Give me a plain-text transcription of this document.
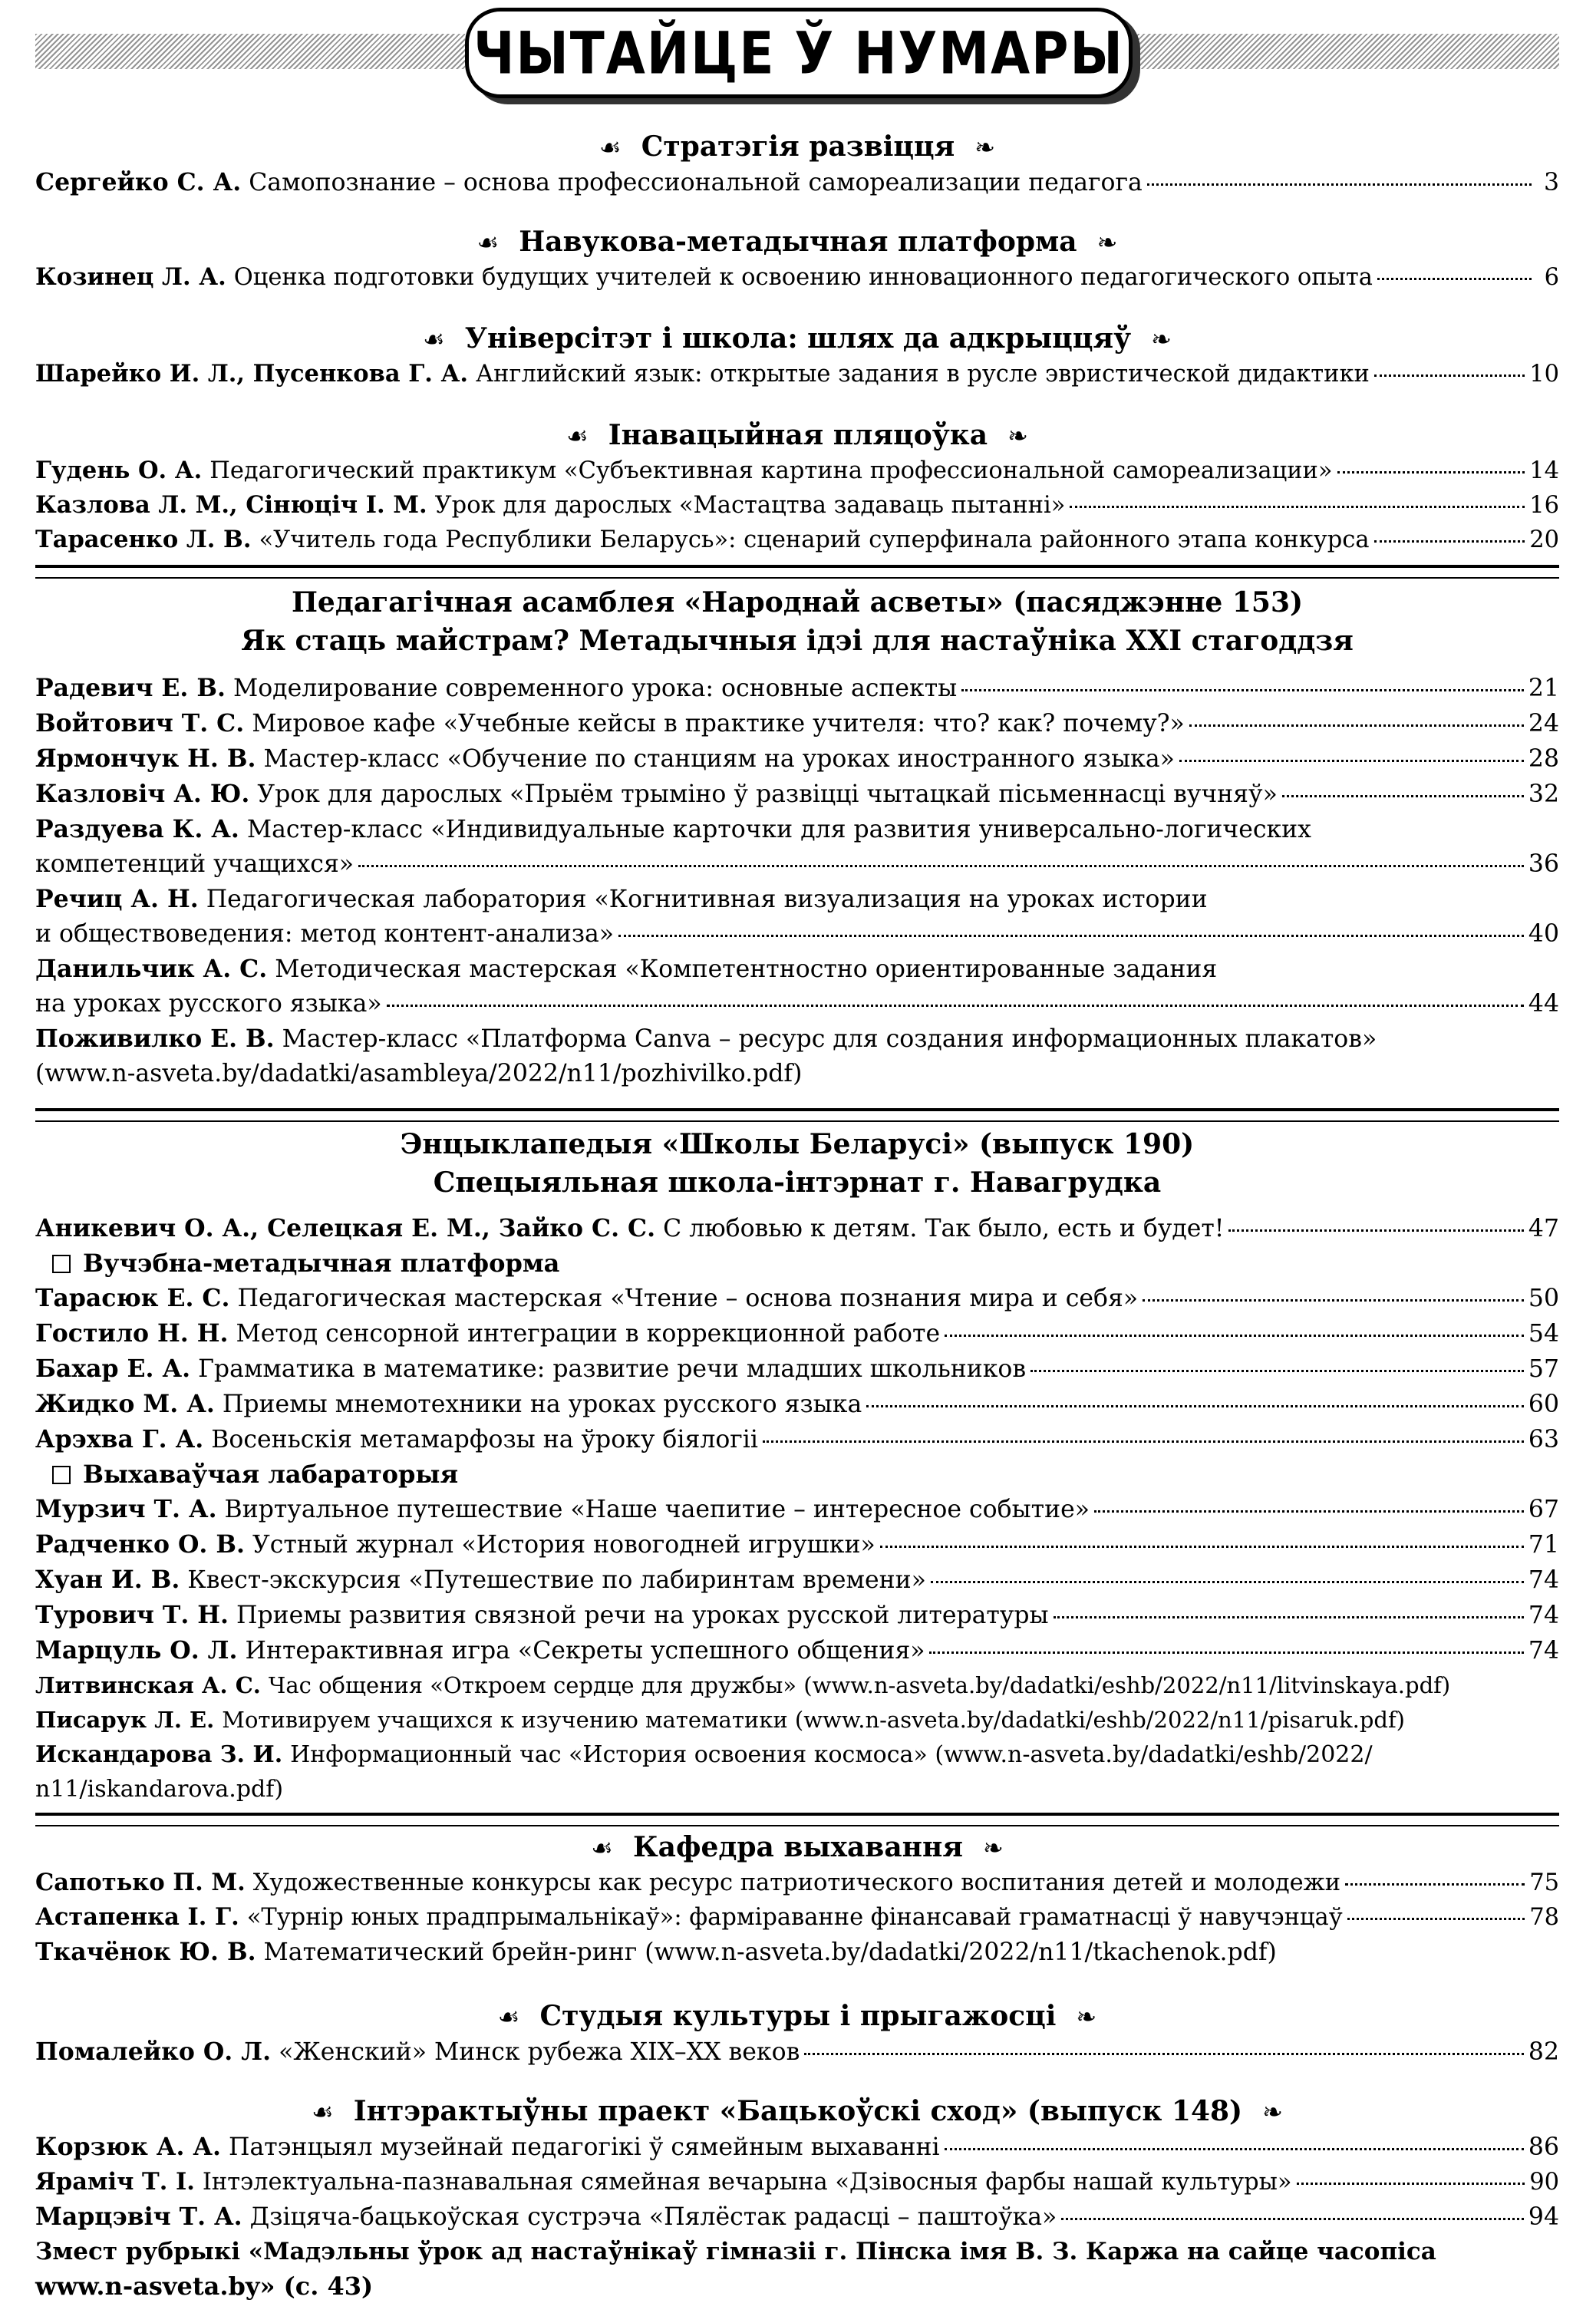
ЧЫТАЙЦЕ Ў НУМАРЫ
☙ Стратэгія развіцця ❧
Сергейко С. А. Самопознание – основа профессиональной самореализации педагога	3
☙ Навукова-метадычная платформа ❧
Козинец Л. А. Оценка подготовки будущих учителей к освоению инновационного педагогического опыта	6
☙ Універсітэт і школа: шлях да адкрыццяў ❧
Шарейко И. Л., Пусенкова Г. А. Английский язык: открытые задания в русле эвристической дидактики	10
☙ Інавацыйная пляцоўка ❧
Гудень О. А. Педагогический практикум «Субъективная картина профессиональной самореализации»	14
Казлова Л. М., Сінюціч І. М. Урок для дарослых «Мастацтва задаваць пытанні»	16
Тарасенко Л. В. «Учитель года Республики Беларусь»: сценарий суперфинала районного этапа конкурса	20
Педагагічная асамблея «Народнай асветы» (пасяджэнне 153)
Як стаць майстрам? Метадычныя ідэі для настаўніка ХХІ стагоддзя
Радевич Е. В. Моделирование современного урока: основные аспекты	21
Войтович Т. С. Мировое кафе «Учебные кейсы в практике учителя: что? как? почему?»	24
Ярмончук Н. В. Мастер-класс «Обучение по станциям на уроках иностранного языка»	28
Казловіч А. Ю. Урок для дарослых «Прыём трыміно ў развіцці чытацкай пісьменнасці вучняў»	32
Раздуева К. А. Мастер-класс «Индивидуальные карточки для развития универсально-логических
компетенций учащихся»	36
Речиц А. Н. Педагогическая лаборатория «Когнитивная визуализация на уроках истории
и обществоведения: метод контент-анализа»	40
Данильчик А. С. Методическая мастерская «Компетентностно ориентированные задания
на уроках русского языка»	44
Поживилко Е. В. Мастер-класс «Платформа Canva – ресурс для создания информационных плакатов»
(www.n-asveta.by/dadatki/asambleya/2022/n11/pozhivilko.pdf)
Энцыклапедыя «Школы Беларусі» (выпуск 190)
Спецыяльная школа-інтэрнат г. Навагрудка
Аникевич О. А., Селецкая Е. М., Зайко С. С. С любовью к детям. Так было, есть и будет!	47
Вучэбна-метадычная платформа
Тарасюк Е. С. Педагогическая мастерская «Чтение – основа познания мира и себя»	50
Гостило Н. Н. Метод сенсорной интеграции в коррекционной работе	54
Бахар Е. А. Грамматика в математике: развитие речи младших школьников	57
Жидко М. А. Приемы мнемотехники на уроках русского языка	60
Арэхва Г. А. Восеньскія метамарфозы на ўроку біялогіі	63
Выхаваўчая лабараторыя
Мурзич Т. А. Виртуальное путешествие «Наше чаепитие – интересное событие»	67
Радченко О. В. Устный журнал «История новогодней игрушки»	71
Хуан И. В. Квест-экскурсия «Путешествие по лабиринтам времени»	74
Турович Т. Н. Приемы развития связной речи на уроках русской литературы	74
Марцуль О. Л. Интерактивная игра «Секреты успешного общения»	74
Литвинская А. С. Час общения «Откроем сердце для дружбы» (www.n-asveta.by/dadatki/eshb/2022/n11/litvinskaya.pdf)
Писарук Л. Е. Мотивируем учащихся к изучению математики (www.n-asveta.by/dadatki/eshb/2022/n11/pisaruk.pdf)
Искандарова З. И. Информационный час «История освоения космоса» (www.n-asveta.by/dadatki/eshb/2022/
n11/iskandarova.pdf)
☙ Кафедра выхавання ❧
Сапотько П. М. Художественные конкурсы как ресурс патриотического воспитания детей и молодежи	75
Астапенка І. Г. «Турнір юных прадпрымальнікаў»: фарміраванне фінансавай граматнасці ў навучэнцаў	78
Ткачёнок Ю. В. Математический брейн-ринг (www.n-asveta.by/dadatki/2022/n11/tkachenok.pdf)
☙ Студыя культуры і прыгажосці ❧
Помалейко О. Л. «Женский» Минск рубежа XIX–XX веков	82
☙ Інтэрактыўны праект «Бацькоўскі сход» (выпуск 148) ❧
Корзюк А. А. Патэнцыял музейнай педагогікі ў сямейным выхаванні	86
Яраміч Т. І. Інтэлектуальна-пазнавальная сямейная вечарына «Дзівосныя фарбы нашай культуры»	90
Марцэвіч Т. А. Дзіцяча-бацькоўская сустрэча «Пялёстак радасці – паштоўка»	94
Змест рубрыкі «Мадэльны ўрок ад настаўнікаў гімназіі г. Пінска імя В. З. Каржа на сайце часопіса
www.n-asveta.by» (с. 43)
